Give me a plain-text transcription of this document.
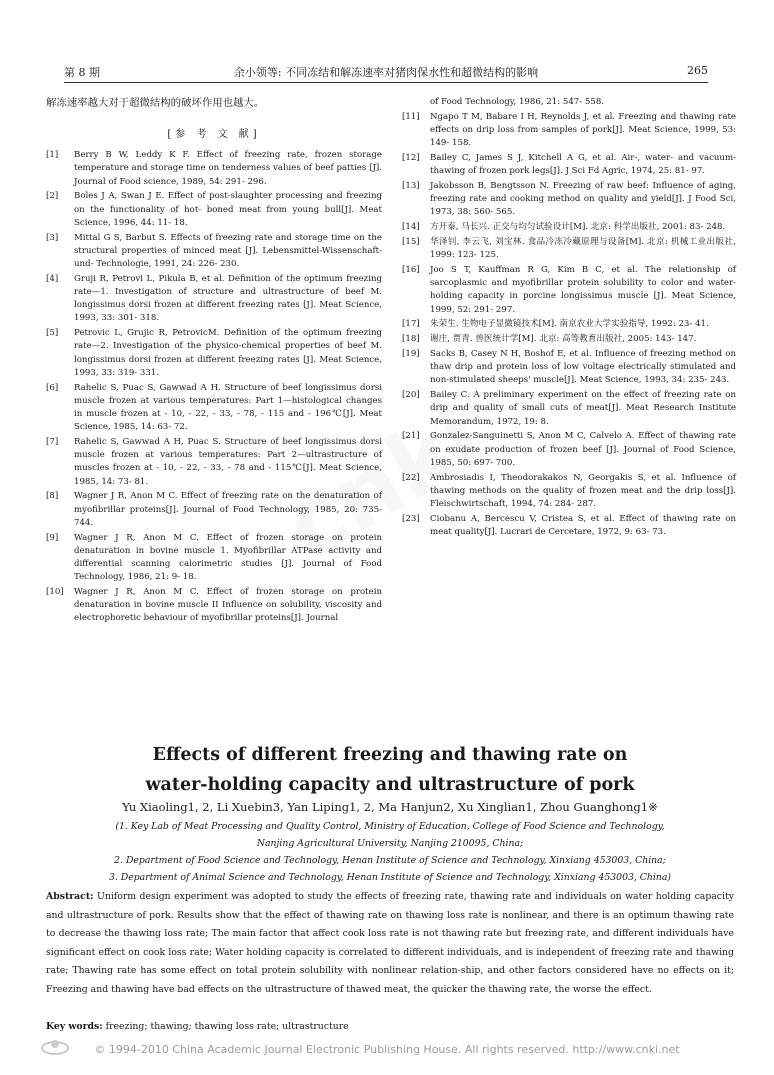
第 8 期	余小领等: 不同冻结和解冻速率对猪肉保水性和超微结构的影响	265

解冻速率越大对于超微结构的破坏作用也越大。

[参 考 文 献]
[1]	Berry B W, Leddy K F. Effect of freezing rate, frozen storage temperature and storage time on tenderness values of beef patties [J]. Journal of Food science, 1989, 54: 291- 296.
[2]	Boles J A, Swan J E. Effect of post-slaughter processing and freezing on the functionality of hot- boned meat from young bull[J]. Meat Science, 1996, 44: 11- 18.
[3]	Mittal G S, Barbut S. Effects of freezing rate and storage time on the structural properties of minced meat [J]. Lebensmittel-Wissenschaft- und- Technologie, 1991, 24: 226- 230.
[4]	Gruji R, Petrovi L, Pikula B, et al. Definition of the optimum freezing rate—1. Investigation of structure and ultrastructure of beef M. longissimus dorsi frozen at different freezing rates [J]. Meat Science, 1993, 33: 301- 318.
[5]	Petrovic L, Grujic R, PetrovicM. Definition of the optimum freezing rate—2. Investigation of the physico-chemical properties of beef M. longissimus dorsi frozen at different freezing rates [J]. Meat Science, 1993, 33: 319- 331.
[6]	Rahelic S, Puac S, Gawwad A H. Structure of beef longissimus dorsi muscle frozen at various temperatures: Part 1—histological changes in muscle frozen at - 10, - 22, - 33, - 78, - 115 and - 196℃[J]. Meat Science, 1985, 14: 63- 72.
[7]	Rahelic S, Gawwad A H, Puac S. Structure of beef longissimus dorsi muscle frozen at various temperatures: Part 2—ultrastructure of muscles frozen at - 10, - 22, - 33, - 78 and - 115℃[J]. Meat Science, 1985, 14: 73- 81.
[8]	Wagner J R, Anon M C. Effect of freezing rate on the denaturation of myofibrillar proteins[J]. Journal of Food Technology, 1985, 20: 735- 744.
[9]	Wagner J R, Anon M C. Effect of frozen storage on protein denaturation in bovine muscle 1. Myofibrillar ATPase activity and differential scanning calorimetric studies [J]. Journal of Food Technology, 1986, 21: 9- 18.
[10]	Wagner J R, Anon M C. Effect of frozen storage on protein denaturation in bovine muscle II Influence on solubility, viscosity and electrophoretic behaviour of myofibrillar proteins[J]. Journal
of Food Technology, 1986, 21: 547- 558.
[11]	Ngapo T M, Babare I H, Reynolds J, et al. Freezing and thawing rate effects on drip loss from samples of pork[J]. Meat Science, 1999, 53: 149- 158.
[12]	Bailey C, James S J, Kitchell A G, et al. Air-, water- and vacuum-thawing of frozen pork legs[J]. J Sci Fd Agric, 1974, 25: 81- 97.
[13]	Jakobsson B, Bengtsson N. Freezing of raw beef: Influence of aging, freezing rate and cooking method on quality and yield[J]. J Food Sci, 1973, 38: 560- 565.
[14]	方开泰, 马长兴. 正交与均匀试验设计[M]. 北京: 科学出版社, 2001: 83- 248.
[15]	华泽钊, 李云飞, 刘宝林. 食品冷冻冷藏原理与设备[M]. 北京: 机械工业出版社, 1999: 123- 125.
[16]	Joo S T, Kauffman R G, Kim B C, et al. The relationship of sarcoplasmic and myofibrillar protein solubility to color and water-holding capacity in porcine longissimus muscle [J]. Meat Science, 1999, 52: 291- 297.
[17]	朱荣生. 生物电子显微镜技术[M]. 南京农业大学实验指导, 1992: 23- 41.
[18]	谢庄, 贾青. 兽医统计学[M]. 北京: 高等教育出版社, 2005: 143- 147.
[19]	Sacks B, Casey N H, Boshof E, et al. Influence of freezing method on thaw drip and protein loss of low voltage electrically stimulated and non-stimulated sheeps' muscle[J]. Meat Science, 1993, 34: 235- 243.
[20]	Bailey C. A preliminary experiment on the effect of freezing rate on drip and quality of small cuts of meat[J]. Meat Research Institute Memorandum, 1972, 19: 8.
[21]	Gonzalez-Sanguinetti S, Anon M C, Calvelo A. Effect of thawing rate on exudate production of frozen beef [J]. Journal of Food Science, 1985, 50: 697- 700.
[22]	Ambrosiadis I, Theodorakakos N, Georgakis S, et al. Influence of thawing methods on the quality of frozen meat and the drip loss[J]. Fleischwirtschaft, 1994, 74: 284- 287.
[23]	Ciobanu A, Bercescu V, Cristea S, et al. Effect of thawing rate on meat quality[J]. Lucrari de Cercetare, 1972, 9: 63- 73.
Effects of different freezing and thawing rate on
water-holding capacity and ultrastructure of pork
Yu Xiaoling1, 2, Li Xuebin3, Yan Liping1, 2, Ma Hanjun2, Xu Xinglian1, Zhou Guanghong1※
(1. Key Lab of Meat Processing and Quality Control, Ministry of Education, College of Food Science and Technology,
Nanjing Agricultural University, Nanjing 210095, China;
2. Department of Food Science and Technology, Henan Institute of Science and Technology, Xinxiang 453003, China;
3. Department of Animal Science and Technology, Henan Institute of Science and Technology, Xinxiang 453003, China)
Abstract: Uniform design experiment was adopted to study the effects of freezing rate, thawing rate and individuals on water holding capacity and ultrastructure of pork. Results show that the effect of thawing rate on thawing loss rate is nonlinear, and there is an optimum thawing rate to decrease the thawing loss rate; The main factor that affect cook loss rate is not thawing rate but freezing rate, and different individuals have significant effect on cook loss rate; Water holding capacity is correlated to different individuals, and is independent of freezing rate and thawing rate; Thawing rate has some effect on total protein solubility with nonlinear relation-ship, and other factors considered have no effects on it; Freezing and thawing have bad effects on the ultrastructure of thawed meat, the quicker the thawing rate, the worse the effect.
Key words: freezing; thawing; thawing loss rate; ultrastructure
© 1994-2010 China Academic Journal Electronic Publishing House. All rights reserved. http://www.cnki.net
